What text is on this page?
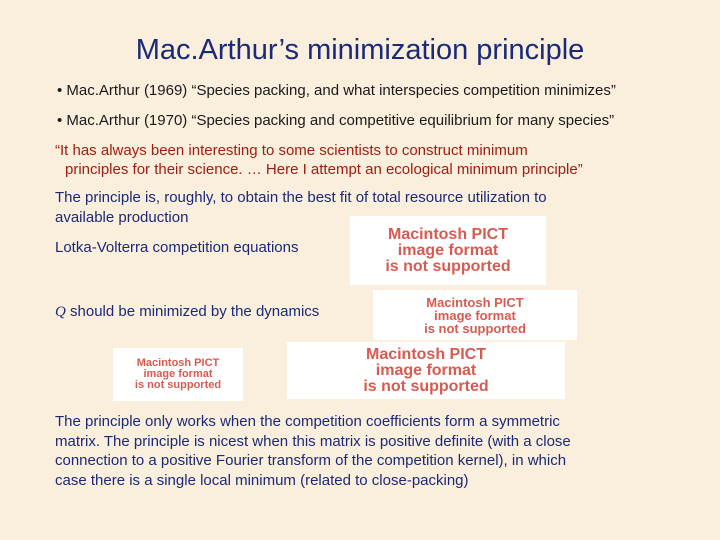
Mac.Arthur’s minimization principle
• Mac.Arthur (1969) “Species packing, and what interspecies competition minimizes”
• Mac.Arthur (1970) “Species packing and competitive equilibrium for many species”
“It has always been interesting to some scientists to construct minimum
principles for their science. … Here I attempt an ecological minimum principle”
The principle is, roughly, to obtain the best fit of total resource utilization to
available production
Lotka-Volterra competition equations
Q should be minimized by the dynamics
Macintosh PICT
image format
is not supported
Macintosh PICT
image format
is not supported
Macintosh PICT
image format
is not supported
Macintosh PICT
image format
is not supported
The principle only works when the competition coefficients form a symmetric
matrix. The principle is nicest when this matrix is positive definite (with a close
connection to a positive Fourier transform of the competition kernel), in which
case there is a single local minimum (related to close-packing)
